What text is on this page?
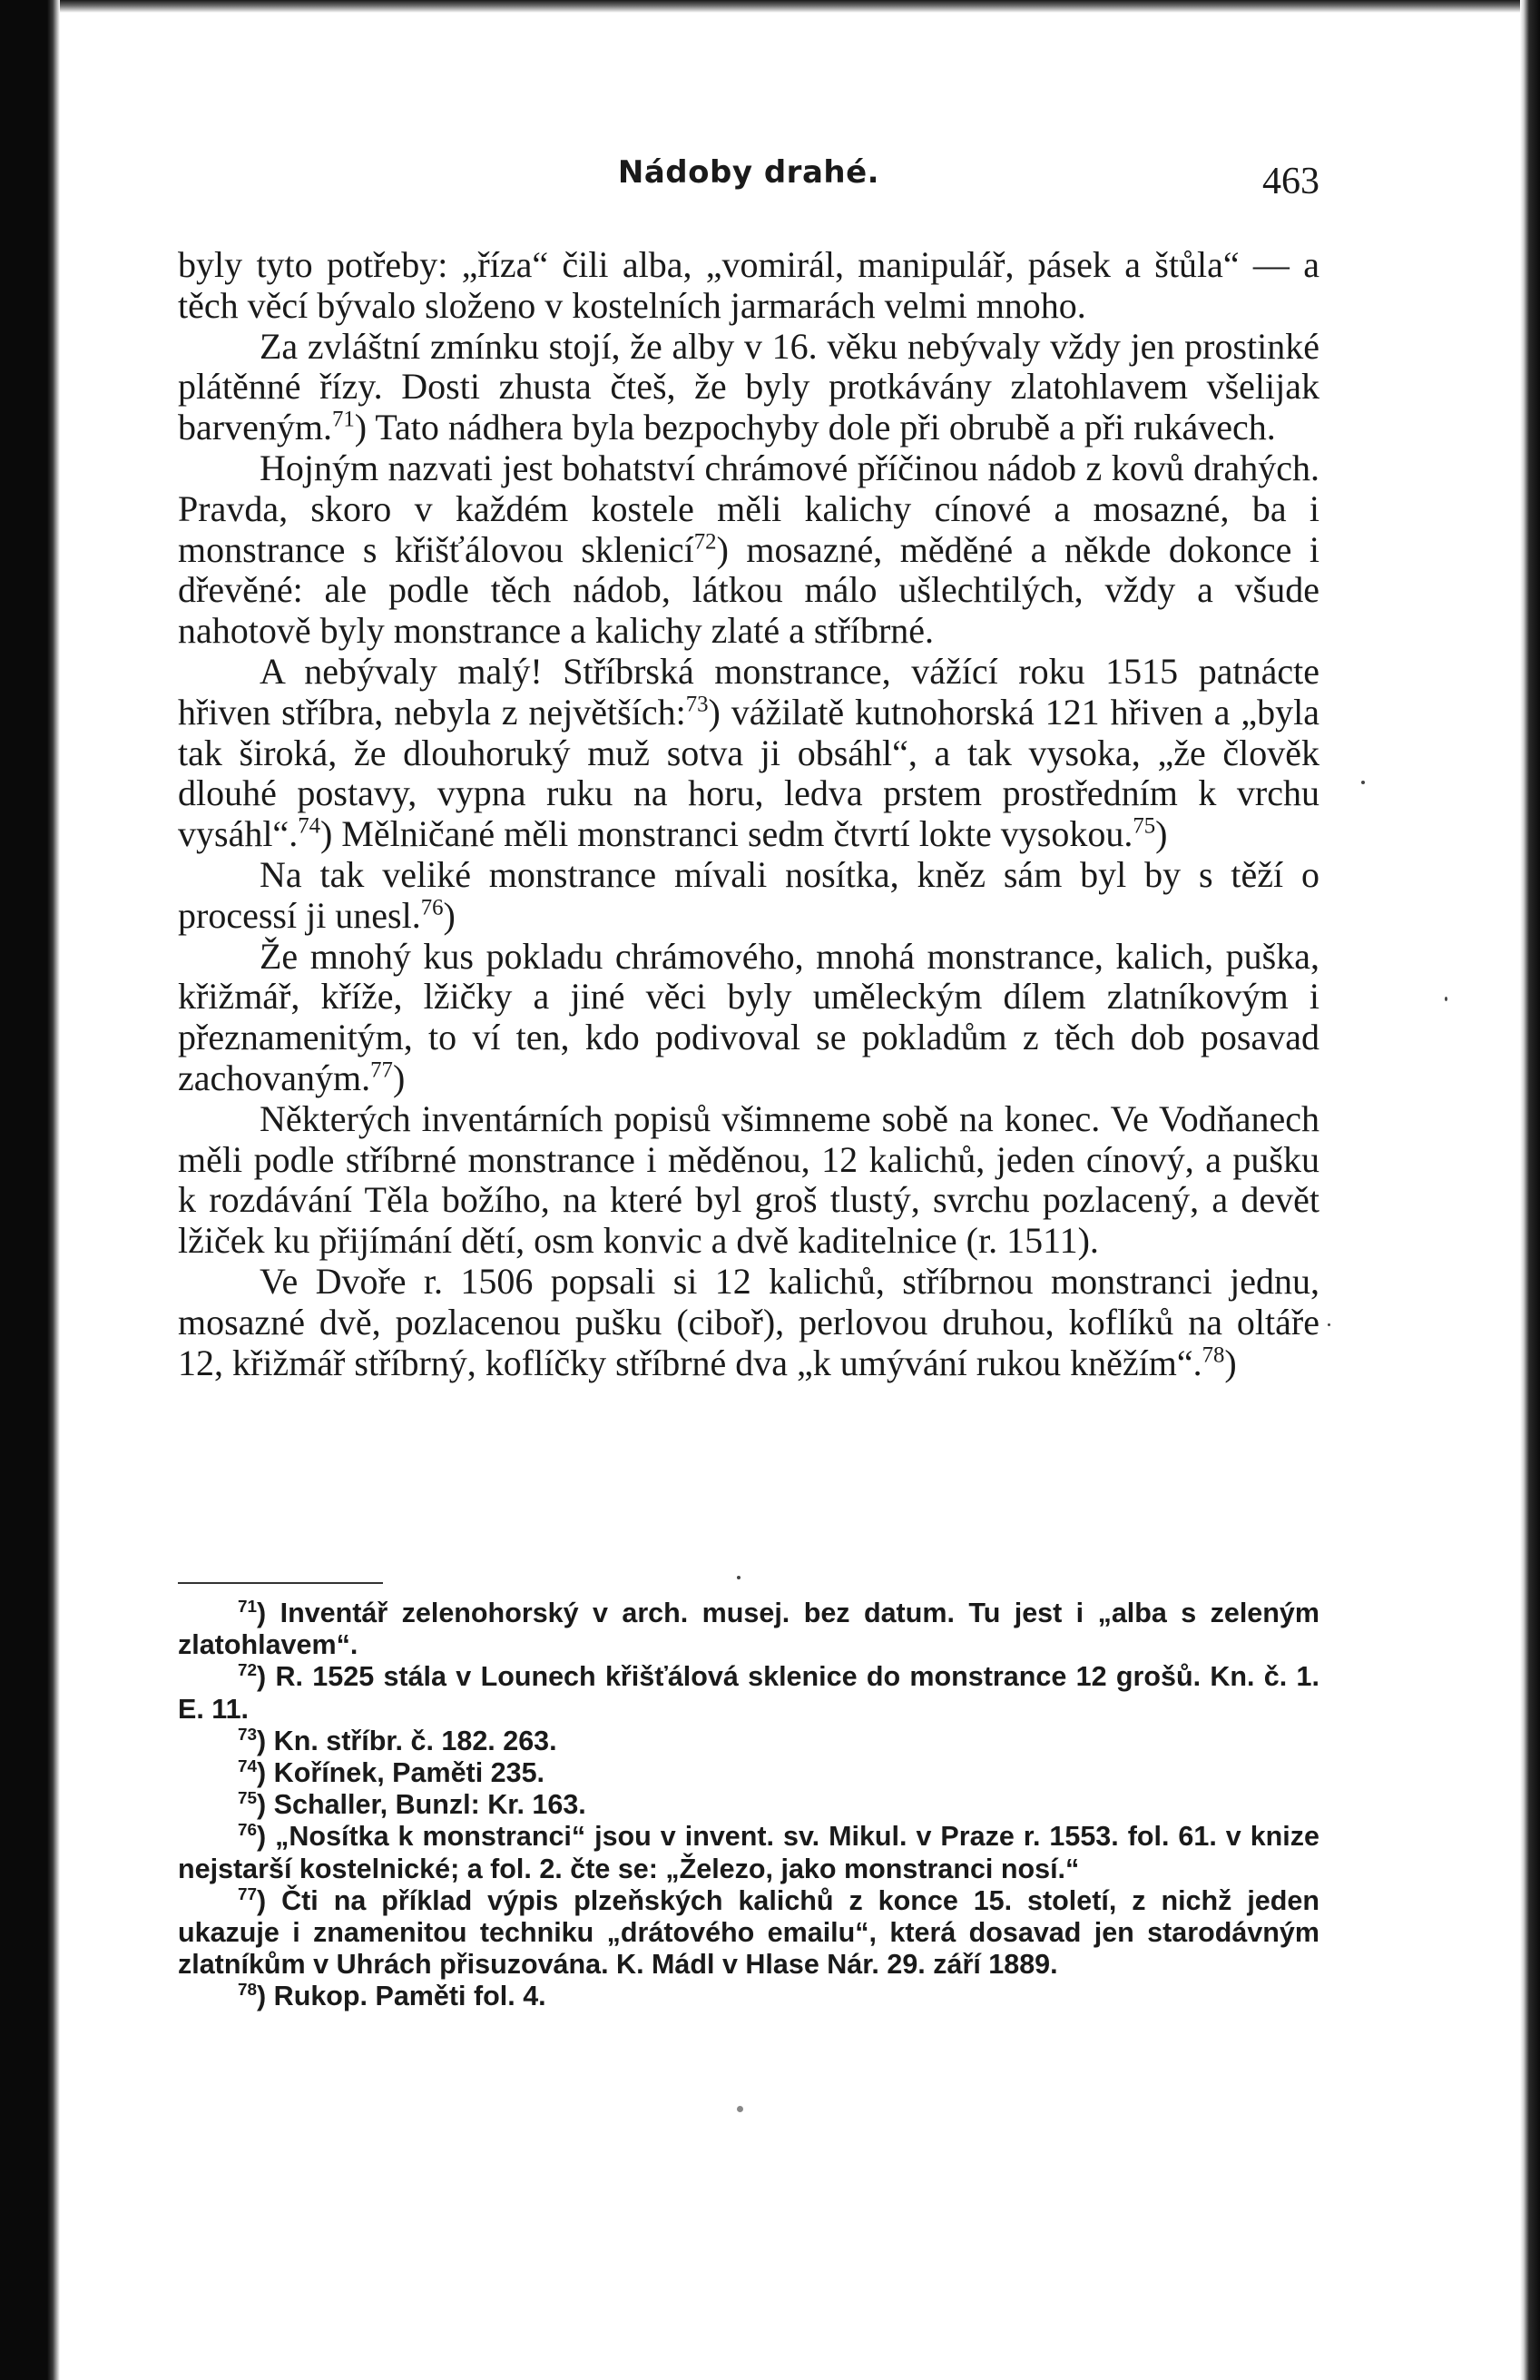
Nádoby drahé.	463

byly tyto potřeby: „říza“ čili alba, „vomirál, manipulář, pásek a štůla“ — a těch věcí bývalo složeno v kostelních jarmarách velmi mnoho.

Za zvláštní zmínku stojí, že alby v 16. věku nebývaly vždy jen prostinké plátěnné řízy. Dosti zhusta čteš, že byly protkávány zlatohlavem všelijak barveným.$^{71}$) Tato nádhera byla bezpochyby dole při obrubě a při rukávech.

Hojným nazvati jest bohatství chrámové příčinou nádob z kovů drahých. Pravda, skoro v každém kostele měli kalichy cínové a mosazné, ba i monstrance s křišťálovou sklenicí$^{72}$) mosazné, měděné a někde dokonce i dřevěné: ale podle těch nádob, látkou málo ušlechtilých, vždy a všude nahotově byly monstrance a kalichy zlaté a stříbrné.

A nebývaly malý! Stříbrská monstrance, vážící roku 1515 patnácte hřiven stříbra, nebyla z největších:$^{73}$) vážilatě kutnohorská 121 hřiven a „byla tak široká, že dlouhoruký muž sotva ji obsáhl“, a tak vysoka, „že člověk dlouhé postavy, vypna ruku na horu, ledva prstem prostředním k vrchu vysáhl“.$^{74}$) Mělničané měli monstranci sedm čtvrtí lokte vysokou.$^{75}$)

Na tak veliké monstrance mívali nosítka, kněz sám byl by s těží o processí ji unesl.$^{76}$)

Že mnohý kus pokladu chrámového, mnohá monstrance, kalich, puška, křižmář, kříže, lžičky a jiné věci byly uměleckým dílem zlatníkovým i přeznamenitým, to ví ten, kdo podivoval se pokladům z těch dob posavad zachovaným.$^{77}$)

Některých inventárních popisů všimneme sobě na konec. Ve Vodňanech měli podle stříbrné monstrance i měděnou, 12 kalichů, jeden cínový, a pušku k rozdávání Těla božího, na které byl groš tlustý, svrchu pozlacený, a devět lžiček ku přijímání dětí, osm konvic a dvě kaditelnice (r. 1511).

Ve Dvoře r. 1506 popsali si 12 kalichů, stříbrnou monstranci jednu, mosazné dvě, pozlacenou pušku (ciboř), perlovou druhou, koflíků na oltáře 12, křižmář stříbrný, koflíčky stříbrné dva „k umývání rukou kněžím“.$^{78}$)

$^{71}$) Inventář zelenohorský v arch. musej. bez datum. Tu jest i „alba s zeleným zlatohlavem“.

$^{72}$) R. 1525 stála v Lounech křišťálová sklenice do monstrance 12 grošů. Kn. č. 1. E. 11.

$^{73}$) Kn. stříbr. č. 182. 263.

$^{74}$) Kořínek, Paměti 235.

$^{75}$) Schaller, Bunzl: Kr. 163.

$^{76}$) „Nosítka k monstranci“ jsou v invent. sv. Mikul. v Praze r. 1553. fol. 61. v knize nejstarší kostelnické; a fol. 2. čte se: „Železo, jako monstranci nosí.“

$^{77}$) Čti na příklad výpis plzeňských kalichů z konce 15. století, z nichž jeden ukazuje i znamenitou techniku „drátového emailu“, která dosavad jen starodávným zlatníkům v Uhrách přisuzována. K. Mádl v Hlase Nár. 29. září 1889.

$^{78}$) Rukop. Paměti fol. 4.
